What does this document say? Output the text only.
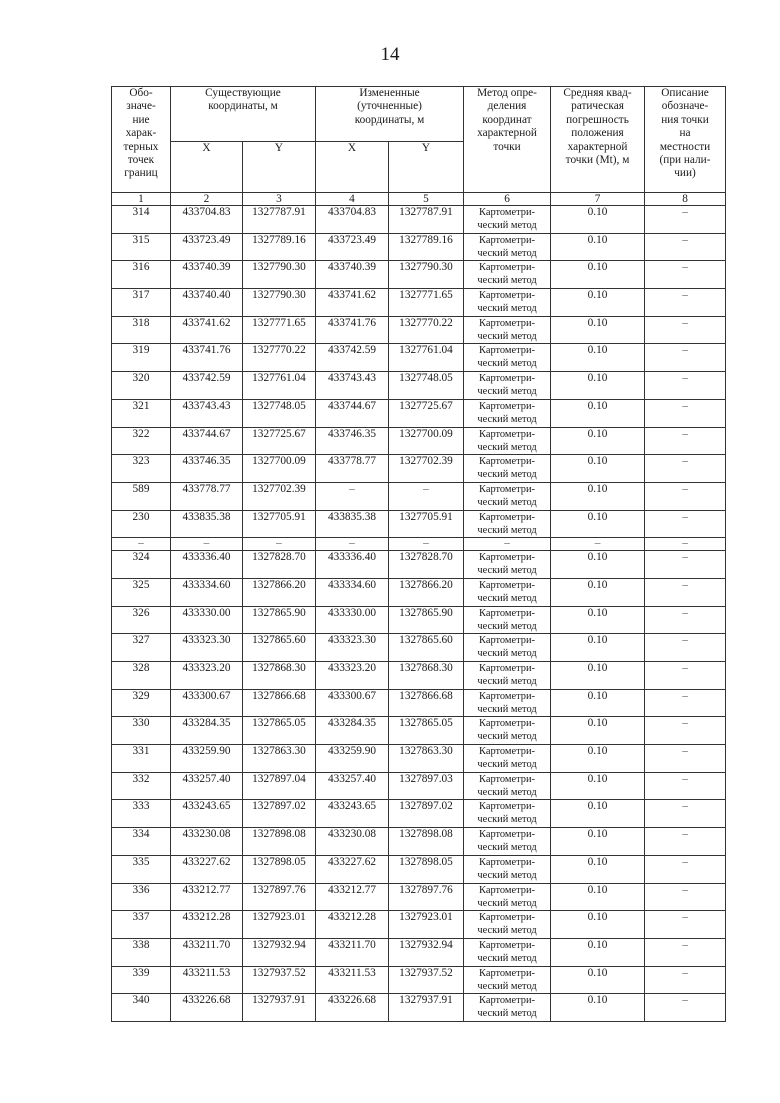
14
Обо-
значе-
ние
харак-
терных
точек
границ	Существующие
координаты, м	Измененные
(уточненные)
координаты, м	Метод опре-
деления
координат
характерной
точки	Средняя квад-
ратическая
погрешность
положения
характерной
точки (Mt), м	Описание
обозначе-
ния точки
на
местности
(при нали-
чии)
	X	Y	X	Y			
1	2	3	4	5	6	7	8
314	433704.83	1327787.91	433704.83	1327787.91	Картометри-
ческий метод	0.10	–
315	433723.49	1327789.16	433723.49	1327789.16	Картометри-
ческий метод	0.10	–
316	433740.39	1327790.30	433740.39	1327790.30	Картометри-
ческий метод	0.10	–
317	433740.40	1327790.30	433741.62	1327771.65	Картометри-
ческий метод	0.10	–
318	433741.62	1327771.65	433741.76	1327770.22	Картометри-
ческий метод	0.10	–
319	433741.76	1327770.22	433742.59	1327761.04	Картометри-
ческий метод	0.10	–
320	433742.59	1327761.04	433743.43	1327748.05	Картометри-
ческий метод	0.10	–
321	433743.43	1327748.05	433744.67	1327725.67	Картометри-
ческий метод	0.10	–
322	433744.67	1327725.67	433746.35	1327700.09	Картометри-
ческий метод	0.10	–
323	433746.35	1327700.09	433778.77	1327702.39	Картометри-
ческий метод	0.10	–
589	433778.77	1327702.39	–	–	Картометри-
ческий метод	0.10	–
230	433835.38	1327705.91	433835.38	1327705.91	Картометри-
ческий метод	0.10	–
–	–	–	–	–	–	–	–
324	433336.40	1327828.70	433336.40	1327828.70	Картометри-
ческий метод	0.10	–
325	433334.60	1327866.20	433334.60	1327866.20	Картометри-
ческий метод	0.10	–
326	433330.00	1327865.90	433330.00	1327865.90	Картометри-
ческий метод	0.10	–
327	433323.30	1327865.60	433323.30	1327865.60	Картометри-
ческий метод	0.10	–
328	433323.20	1327868.30	433323.20	1327868.30	Картометри-
ческий метод	0.10	–
329	433300.67	1327866.68	433300.67	1327866.68	Картометри-
ческий метод	0.10	–
330	433284.35	1327865.05	433284.35	1327865.05	Картометри-
ческий метод	0.10	–
331	433259.90	1327863.30	433259.90	1327863.30	Картометри-
ческий метод	0.10	–
332	433257.40	1327897.04	433257.40	1327897.03	Картометри-
ческий метод	0.10	–
333	433243.65	1327897.02	433243.65	1327897.02	Картометри-
ческий метод	0.10	–
334	433230.08	1327898.08	433230.08	1327898.08	Картометри-
ческий метод	0.10	–
335	433227.62	1327898.05	433227.62	1327898.05	Картометри-
ческий метод	0.10	–
336	433212.77	1327897.76	433212.77	1327897.76	Картометри-
ческий метод	0.10	–
337	433212.28	1327923.01	433212.28	1327923.01	Картометри-
ческий метод	0.10	–
338	433211.70	1327932.94	433211.70	1327932.94	Картометри-
ческий метод	0.10	–
339	433211.53	1327937.52	433211.53	1327937.52	Картометри-
ческий метод	0.10	–
340	433226.68	1327937.91	433226.68	1327937.91	Картометри-
ческий метод	0.10	–
